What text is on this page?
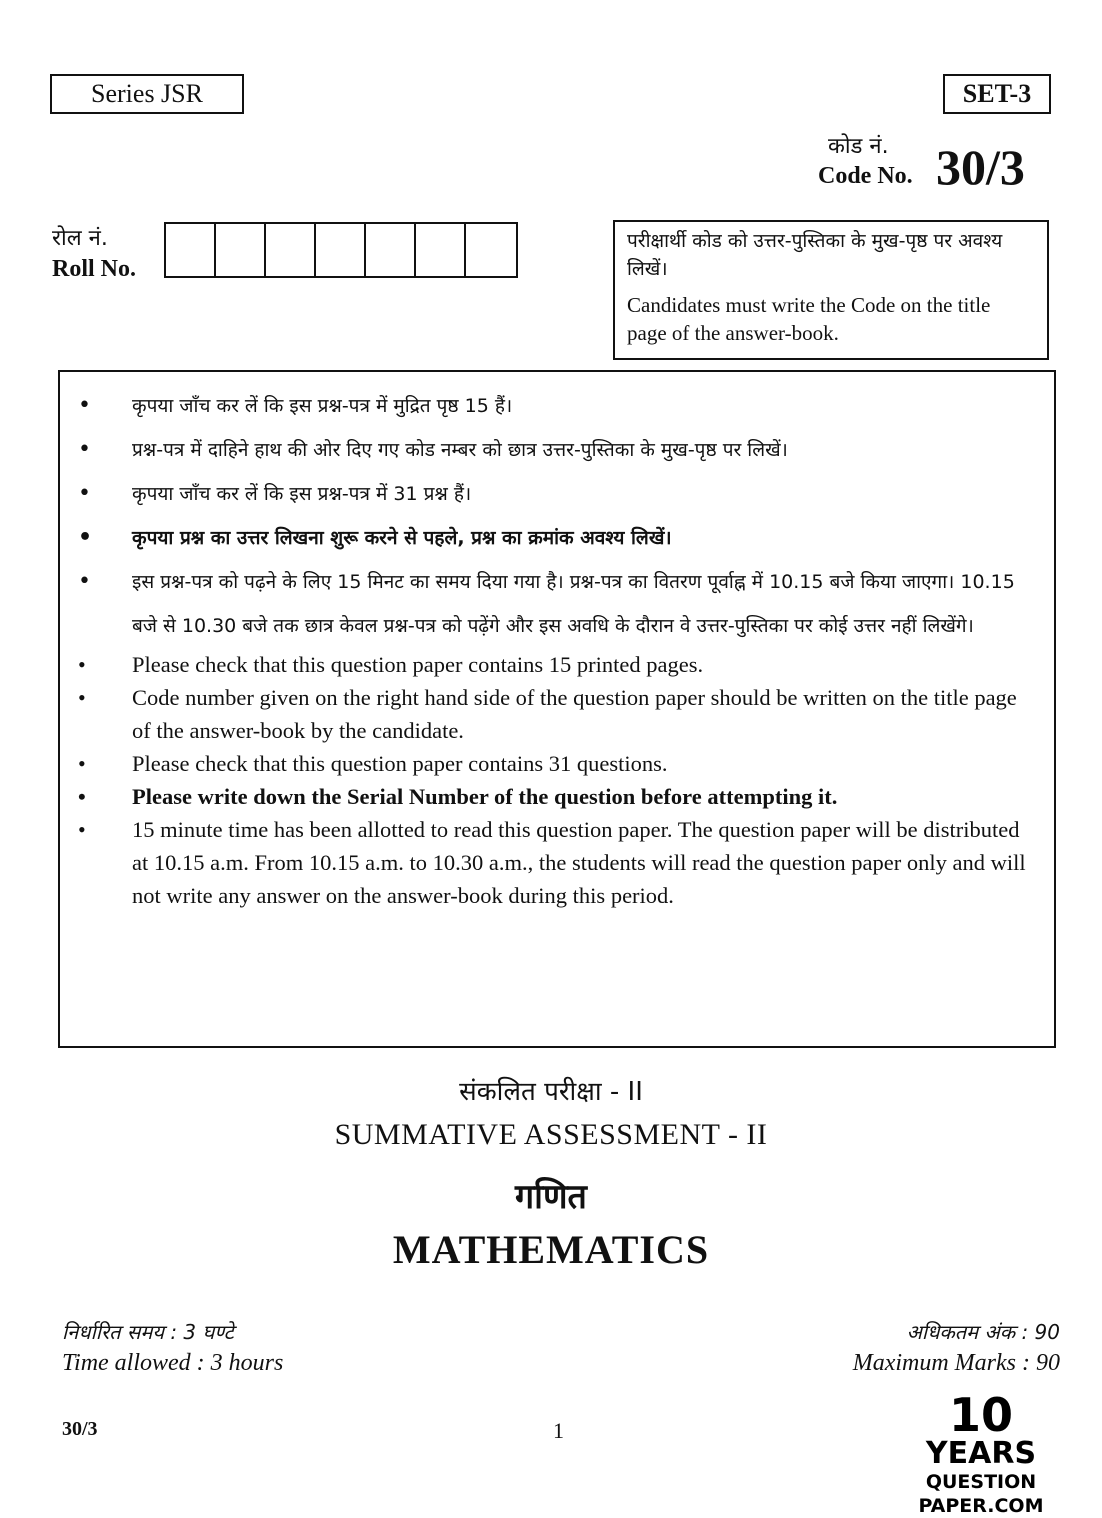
Series JSR	SET-3
कोड नं.
Code No. 30/3
रोल नं.
Roll No.
परीक्षार्थी कोड को उत्तर-पुस्तिका के मुख-पृष्ठ पर अवश्य लिखें।
Candidates must write the Code on the title page of the answer-book.
• कृपया जाँच कर लें कि इस प्रश्न-पत्र में मुद्रित पृष्ठ 15 हैं।
• प्रश्न-पत्र में दाहिने हाथ की ओर दिए गए कोड नम्बर को छात्र उत्तर-पुस्तिका के मुख-पृष्ठ पर लिखें।
• कृपया जाँच कर लें कि इस प्रश्न-पत्र में 31 प्रश्न हैं।
• कृपया प्रश्न का उत्तर लिखना शुरू करने से पहले, प्रश्न का क्रमांक अवश्य लिखें।
• इस प्रश्न-पत्र को पढ़ने के लिए 15 मिनट का समय दिया गया है। प्रश्न-पत्र का वितरण पूर्वाह्न में 10.15 बजे किया जाएगा। 10.15 बजे से 10.30 बजे तक छात्र केवल प्रश्न-पत्र को पढ़ेंगे और इस अवधि के दौरान वे उत्तर-पुस्तिका पर कोई उत्तर नहीं लिखेंगे।
• Please check that this question paper contains 15 printed pages.
• Code number given on the right hand side of the question paper should be written on the title page of the answer-book by the candidate.
• Please check that this question paper contains 31 questions.
• Please write down the Serial Number of the question before attempting it.
• 15 minute time has been allotted to read this question paper. The question paper will be distributed at 10.15 a.m. From 10.15 a.m. to 10.30 a.m., the students will read the question paper only and will not write any answer on the answer-book during this period.
संकलित परीक्षा - II
SUMMATIVE ASSESSMENT - II
गणित
MATHEMATICS
निर्धारित समय : 3 घण्टे
Time allowed : 3 hours
अधिकतम अंक : 90
Maximum Marks : 90
30/3	1	10
YEARS
QUESTION PAPER.COM
